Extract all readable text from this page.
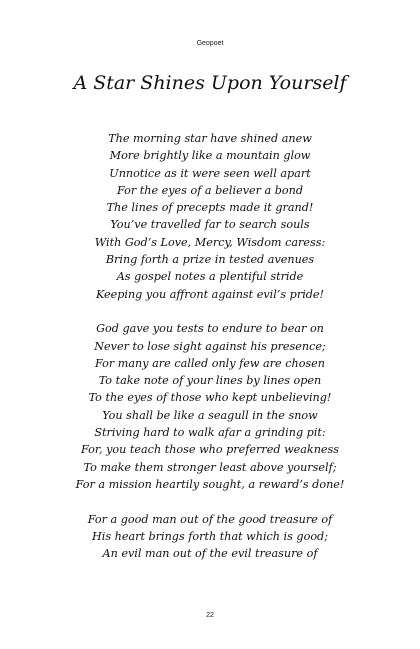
Geopoet
A Star Shines Upon Yourself
The morning star have shined anew
More brightly like a mountain glow
Unnotice as it were seen well apart
For the eyes of a believer a bond
The lines of precepts made it grand!
You’ve travelled far to search souls
With God’s Love, Mercy, Wisdom caress:
Bring forth a prize in tested avenues
As gospel notes a plentiful stride
Keeping you affront against evil’s pride!
God gave you tests to endure to bear on
Never to lose sight against his presence;
For many are called only few are chosen
To take note of your lines by lines open
To the eyes of those who kept unbelieving!
You shall be like a seagull in the snow
Striving hard to walk afar a grinding pit:
For, you teach those who preferred weakness
To make them stronger least above yourself;
For a mission heartily sought, a reward’s done!
For a good man out of the good treasure of
His heart brings forth that which is good;
An evil man out of the evil treasure of
22
